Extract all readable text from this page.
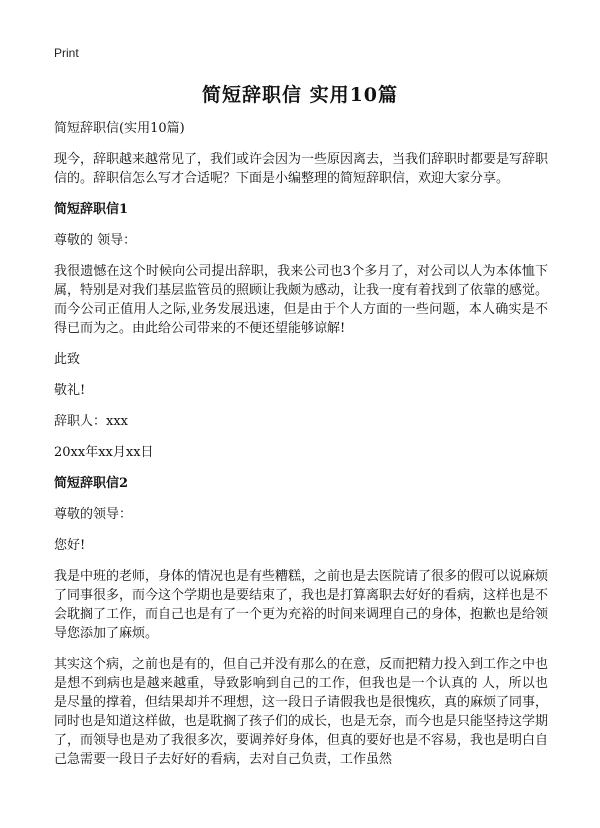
Print
简短辞职信 实用10篇

简短辞职信(实用10篇)

现今，辞职越来越常见了，我们或许会因为一些原因离去，当我们辞职时都要是写辞职信的。辞职信怎么写才合适呢？下面是小编整理的简短辞职信，欢迎大家分享。

简短辞职信1

尊敬的 领导：

我很遗憾在这个时候向公司提出辞职，我来公司也3个多月了，对公司以人为本体恤下属，特别是对我们基层监管员的照顾让我颇为感动，让我一度有着找到了依靠的感觉。而今公司正值用人之际,业务发展迅速，但是由于个人方面的一些问题，本人确实是不得已而为之。由此给公司带来的不便还望能够谅解!

此致

敬礼!

辞职人：xxx

20xx年xx月xx日

简短辞职信2

尊敬的领导：

您好!

我是中班的老师，身体的情况也是有些糟糕，之前也是去医院请了很多的假可以说麻烦了同事很多，而今这个学期也是要结束了，我也是打算离职去好好的看病，这样也是不会耽搁了工作，而自己也是有了一个更为充裕的时间来调理自己的身体，抱歉也是给领导您添加了麻烦。

其实这个病，之前也是有的，但自己并没有那么的在意，反而把精力投入到工作之中也是想不到病也是越来越重，导致影响到自己的工作，但我也是一个认真的 人，所以也是尽量的撑着，但结果却并不理想，这一段日子请假我也是很愧疚，真的麻烦了同事，同时也是知道这样做，也是耽搁了孩子们的成长，也是无奈，而今也是只能坚持这学期了，而领导也是劝了我很多次，要调养好身体，但真的要好也是不容易，我也是明白自己急需要一段日子去好好的看病，去对自己负责，工作虽然
